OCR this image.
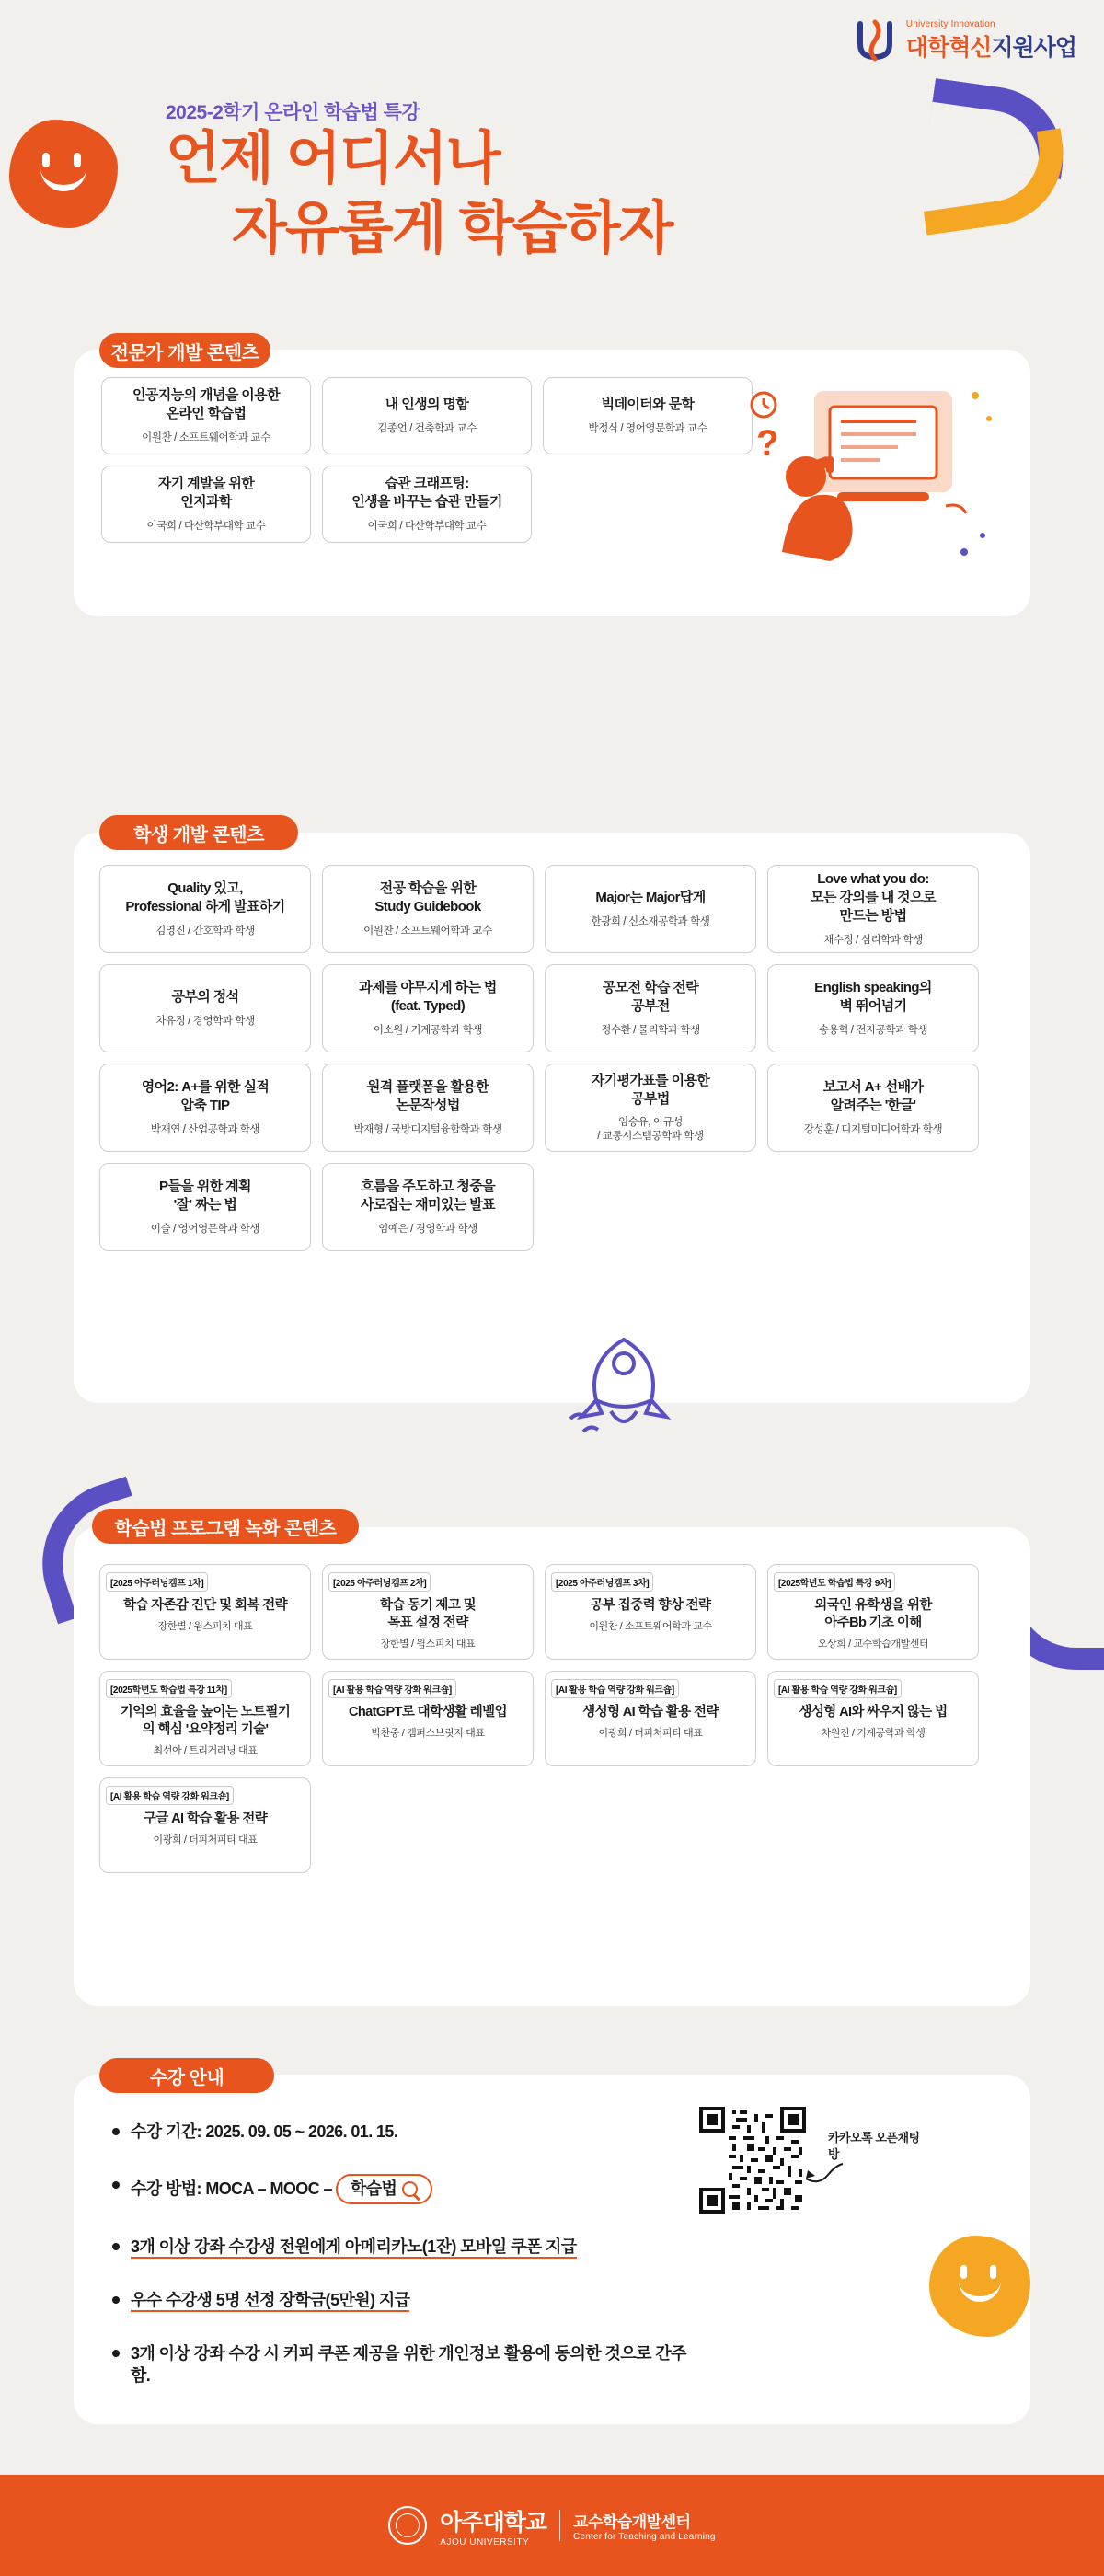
University Innovation
대학혁신지원사업
2025-2학기 온라인 학습법 특강
언제 어디서나
자유롭게 학습하자
전문가 개발 콘텐츠
인공지능의 개념을 이용한
온라인 학습법
이원찬 / 소프트웨어학과 교수
내 인생의 명함
김종언 / 건축학과 교수
빅데이터와 문학
박정식 / 영어영문학과 교수
자기 계발을 위한
인지과학
이국희 / 다산학부대학 교수
습관 크래프팅:
인생을 바꾸는 습관 만들기
이국희 / 다산학부대학 교수
?
학생 개발 콘텐츠
Quality 있고,
Professional 하게 발표하기
김영진 / 간호학과 학생
전공 학습을 위한
Study Guidebook
이원찬 / 소프트웨어학과 교수
Major는 Major답게
한광희 / 신소재공학과 학생
Love what you do:
모든 강의를 내 것으로
만드는 방법
채수정 / 심리학과 학생
공부의 정석
차유정 / 경영학과 학생
과제를 야무지게 하는 법
(feat. Typed)
이소원 / 기계공학과 학생
공모전 학습 전략
공부전
정수환 / 물리학과 학생
English speaking의
벽 뛰어넘기
송용혁 / 전자공학과 학생
영어2: A+를 위한 실적
압축 TIP
박재연 / 산업공학과 학생
원격 플랫폼을 활용한
논문작성법
박재형 / 국방디지털융합학과 학생
자기평가표를 이용한
공부법
임승유, 이규성
/ 교통시스템공학과 학생
보고서 A+ 선배가
알려주는 '한글'
강성훈 / 디지털미디어학과 학생
P들을 위한 계획
'잘' 짜는 법
이슬 / 영어영문학과 학생
흐름을 주도하고 청중을
사로잡는 재미있는 발표
임예은 / 경영학과 학생
학습법 프로그램 녹화 콘텐츠
[2025 아주러닝캠프 1차]
학습 자존감 진단 및 회복 전략
장한별 / 윔스피치 대표
[2025 아주러닝캠프 2차]
학습 동기 제고 및
목표 설정 전략
장한별 / 윔스피치 대표
[2025 아주러닝캠프 3차]
공부 집중력 향상 전략
이원찬 / 소프트웨어학과 교수
[2025학년도 학습법 특강 9차]
외국인 유학생을 위한
아주Bb 기초 이해
오상희 / 교수학습개발센터
[2025학년도 학습법 특강 11차]
기억의 효율을 높이는 노트필기
의 핵심 '요약정리 기술'
최선아 / 트리거러닝 대표
[AI 활용 학습 역량 강화 워크숍]
ChatGPT로 대학생활 레벨업
박찬중 / 캠퍼스브릿지 대표
[AI 활용 학습 역량 강화 워크숍]
생성형 AI 학습 활용 전략
이광희 / 더피처피티 대표
[AI 활용 학습 역량 강화 워크숍]
생성형 AI와 싸우지 않는 법
차원진 / 기계공학과 학생
[AI 활용 학습 역량 강화 워크숍]
구글 AI 학습 활용 전략
이광희 / 더피처피티 대표
수강 안내
수강 기간: 2025. 09. 05 ~ 2026. 01. 15.
수강 방법: MOCA – MOOC – 학습법
3개 이상 강좌 수강생 전원에게 아메리카노(1잔) 모바일 쿠폰 지급
우수 수강생 5명 선정 장학금(5만원) 지급
3개 이상 강좌 수강 시 커피 쿠폰 제공을 위한 개인정보 활용에 동의한 것으로 간주함.
카카오톡 오픈채팅방
아주대학교
AJOU UNIVERSITY
교수학습개발센터
Center for Teaching and Learning
